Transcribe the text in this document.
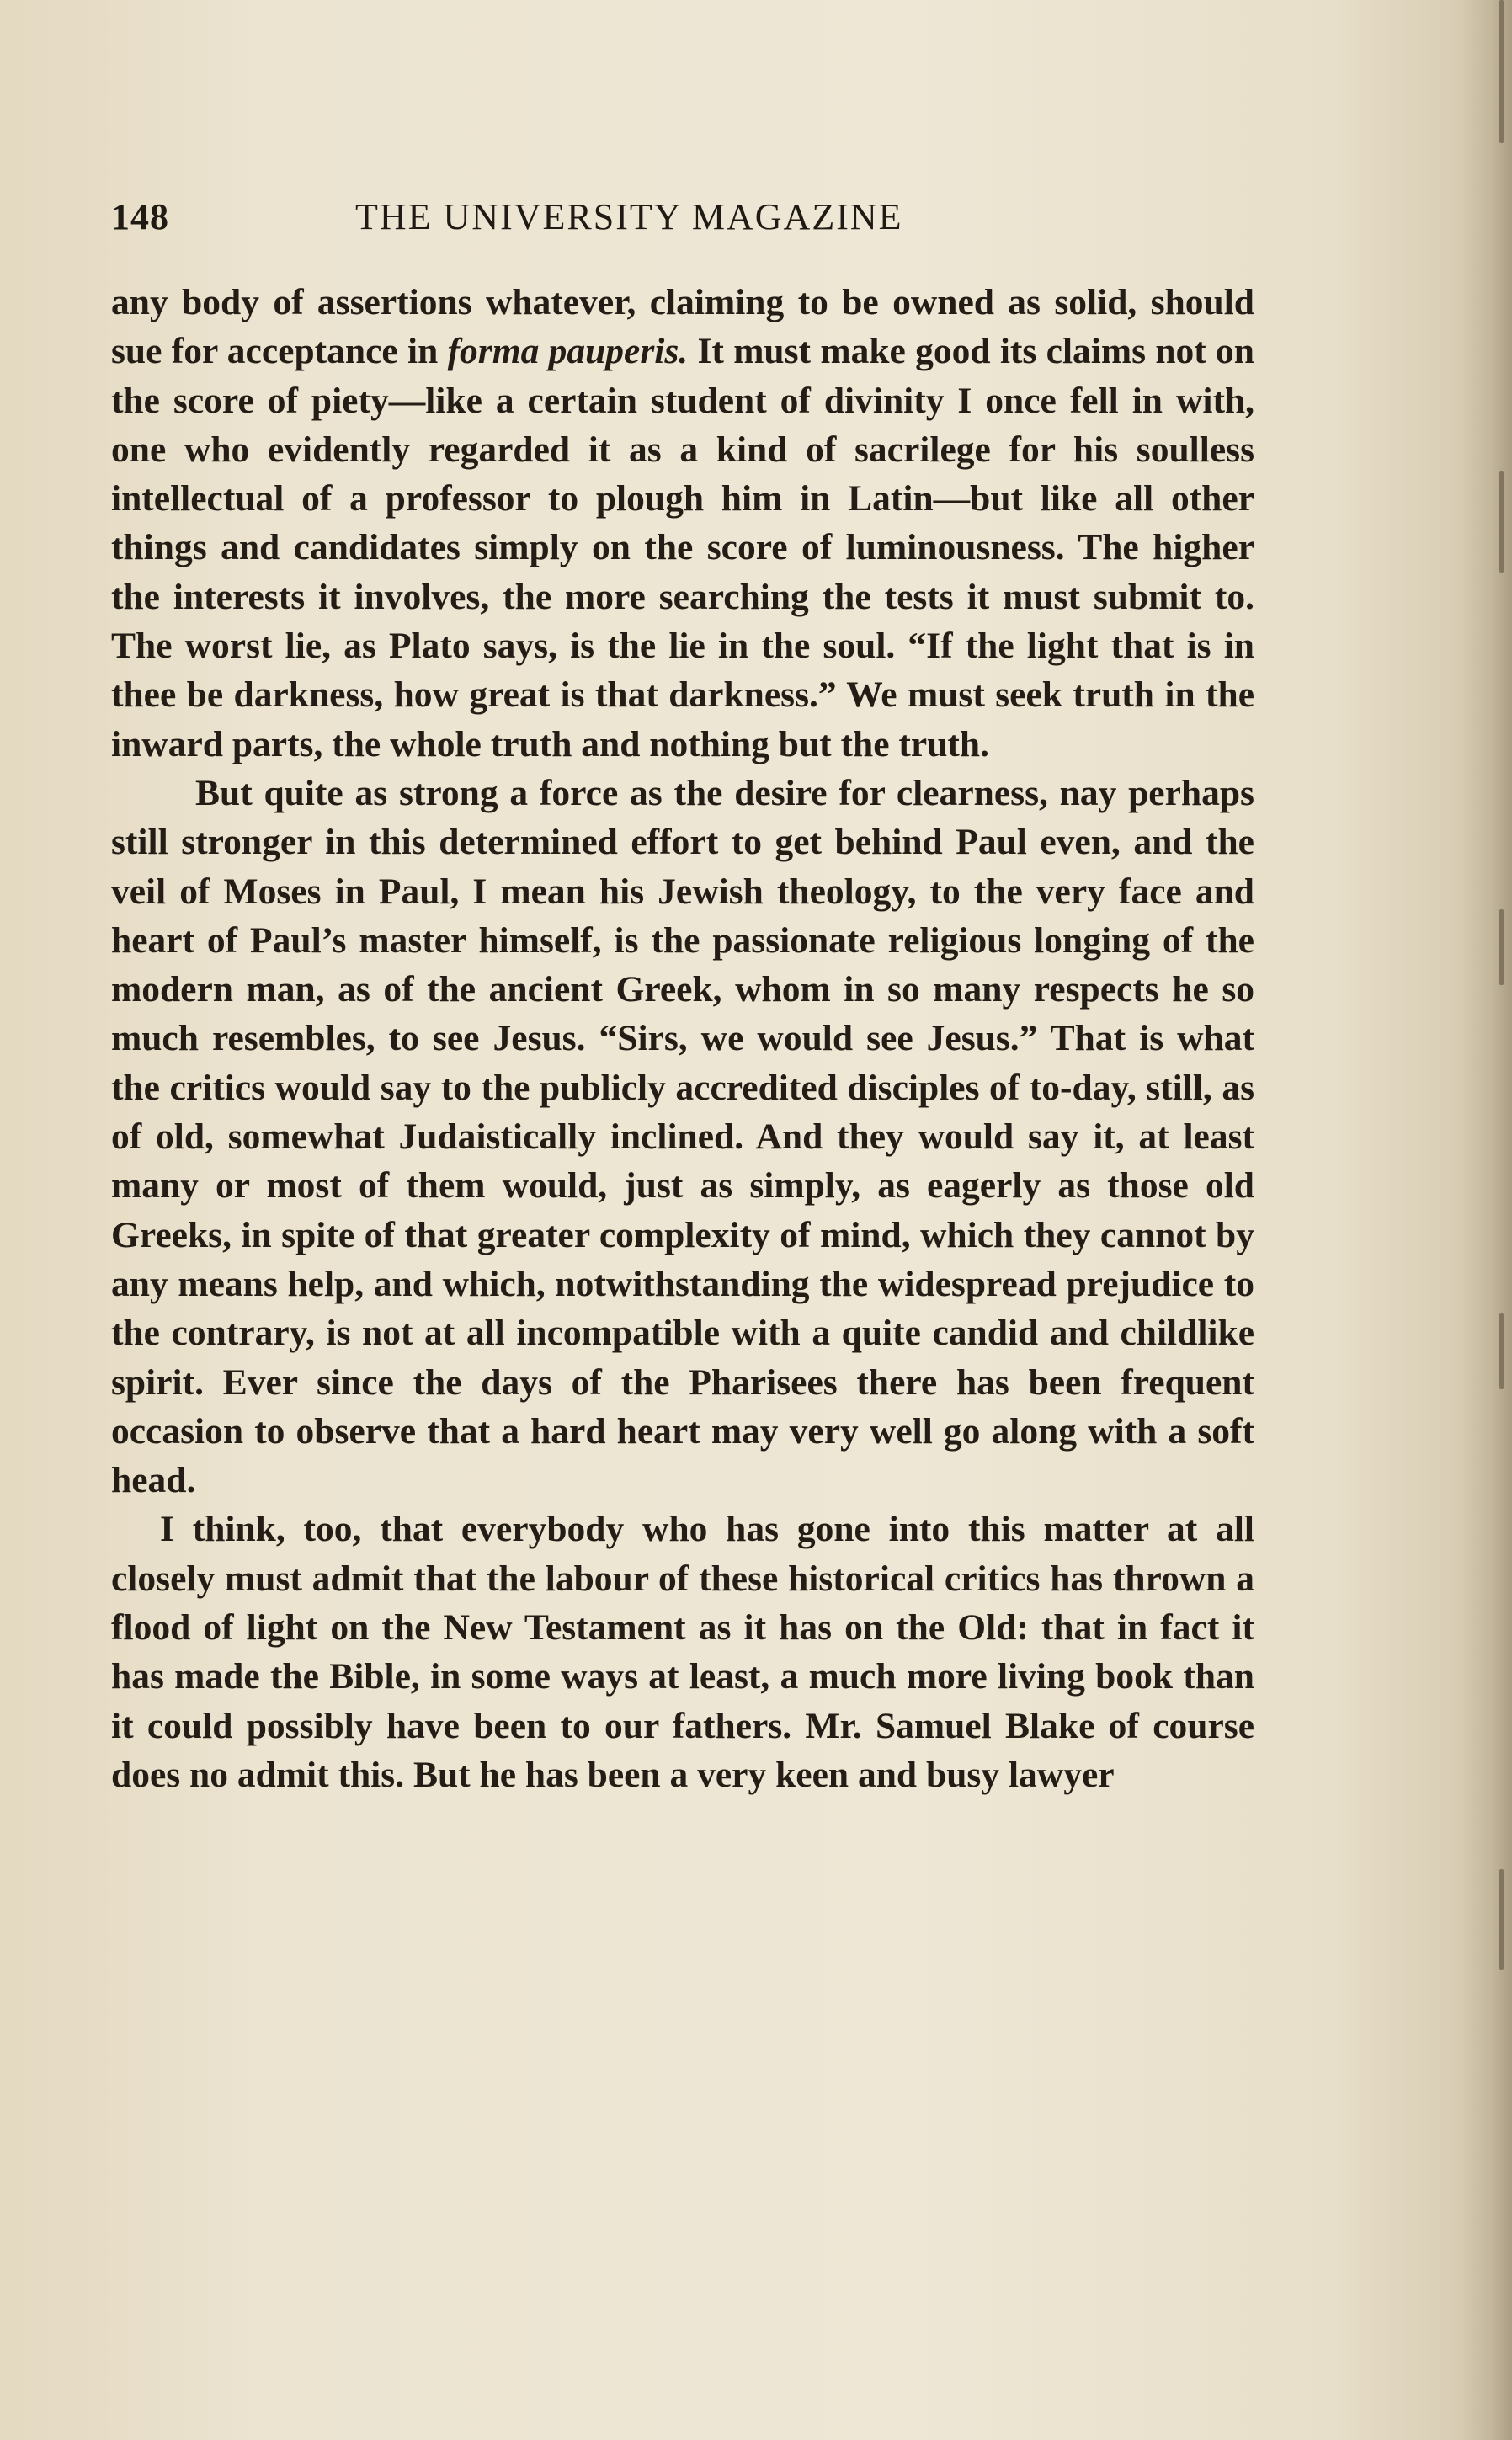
148	THE UNIVERSITY MAGAZINE

any body of assertions whatever, claiming to be owned as solid, should sue for acceptance in forma pauperis. It must make good its claims not on the score of piety—like a certain student of divinity I once fell in with, one who evidently regarded it as a kind of sacrilege for his soulless intellectual of a professor to plough him in Latin—but like all other things and candidates simply on the score of luminousness. The higher the interests it involves, the more searching the tests it must submit to. The worst lie, as Plato says, is the lie in the soul. “If the light that is in thee be darkness, how great is that darkness.” We must seek truth in the inward parts, the whole truth and nothing but the truth.

But quite as strong a force as the desire for clearness, nay perhaps still stronger in this determined effort to get behind Paul even, and the veil of Moses in Paul, I mean his Jewish theology, to the very face and heart of Paul’s master himself, is the passionate religious longing of the modern man, as of the ancient Greek, whom in so many respects he so much resembles, to see Jesus. “Sirs, we would see Jesus.” That is what the critics would say to the publicly accredited disciples of to-day, still, as of old, somewhat Judaistically inclined. And they would say it, at least many or most of them would, just as simply, as eagerly as those old Greeks, in spite of that greater complexity of mind, which they cannot by any means help, and which, notwithstanding the widespread prejudice to the contrary, is not at all incompatible with a quite candid and childlike spirit. Ever since the days of the Pharisees there has been frequent occasion to observe that a hard heart may very well go along with a soft head.

I think, too, that everybody who has gone into this matter at all closely must admit that the labour of these historical critics has thrown a flood of light on the New Testament as it has on the Old: that in fact it has made the Bible, in some ways at least, a much more living book than it could possibly have been to our fathers. Mr. Samuel Blake of course does no admit this. But he has been a very keen and busy lawyer
